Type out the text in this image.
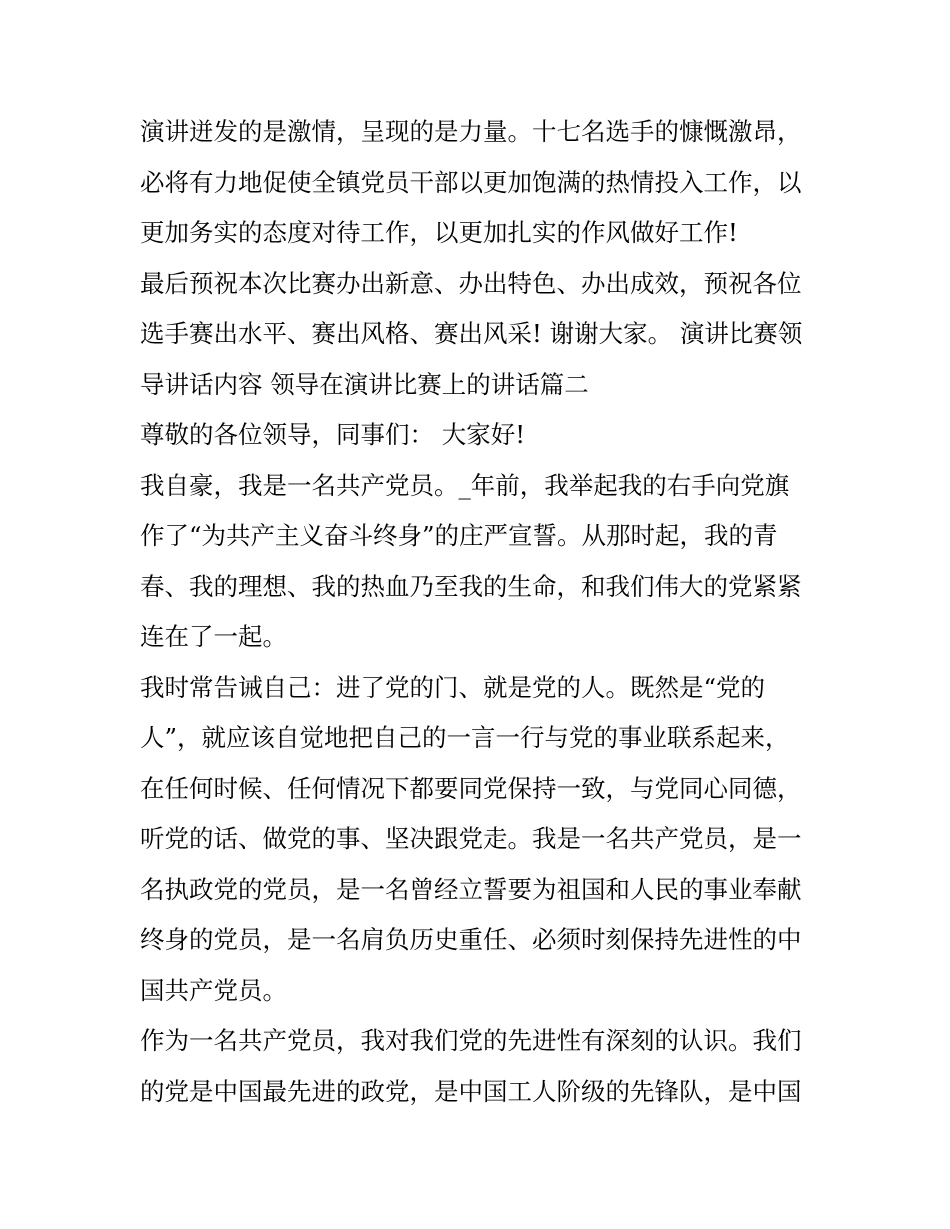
演讲迸发的是激情，呈现的是力量。十七名选手的慷慨激昂，
必将有力地促使全镇党员干部以更加饱满的热情投入工作，以
更加务实的态度对待工作，以更加扎实的作风做好工作!
最后预祝本次比赛办出新意、办出特色、办出成效，预祝各位
选手赛出水平、赛出风格、赛出风采! 谢谢大家。 演讲比赛领
导讲话内容 领导在演讲比赛上的讲话篇二
尊敬的各位领导，同事们： 大家好!
我自豪，我是一名共产党员。_年前，我举起我的右手向党旗
作了“为共产主义奋斗终身”的庄严宣誓。从那时起，我的青
春、我的理想、我的热血乃至我的生命，和我们伟大的党紧紧
连在了一起。
我时常告诫自己：进了党的门、就是党的人。既然是“党的
人”，就应该自觉地把自己的一言一行与党的事业联系起来，
在任何时候、任何情况下都要同党保持一致，与党同心同德，
听党的话、做党的事、坚决跟党走。我是一名共产党员，是一
名执政党的党员，是一名曾经立誓要为祖国和人民的事业奉献
终身的党员，是一名肩负历史重任、必须时刻保持先进性的中
国共产党员。
作为一名共产党员，我对我们党的先进性有深刻的认识。我们
的党是中国最先进的政党，是中国工人阶级的先锋队，是中国
